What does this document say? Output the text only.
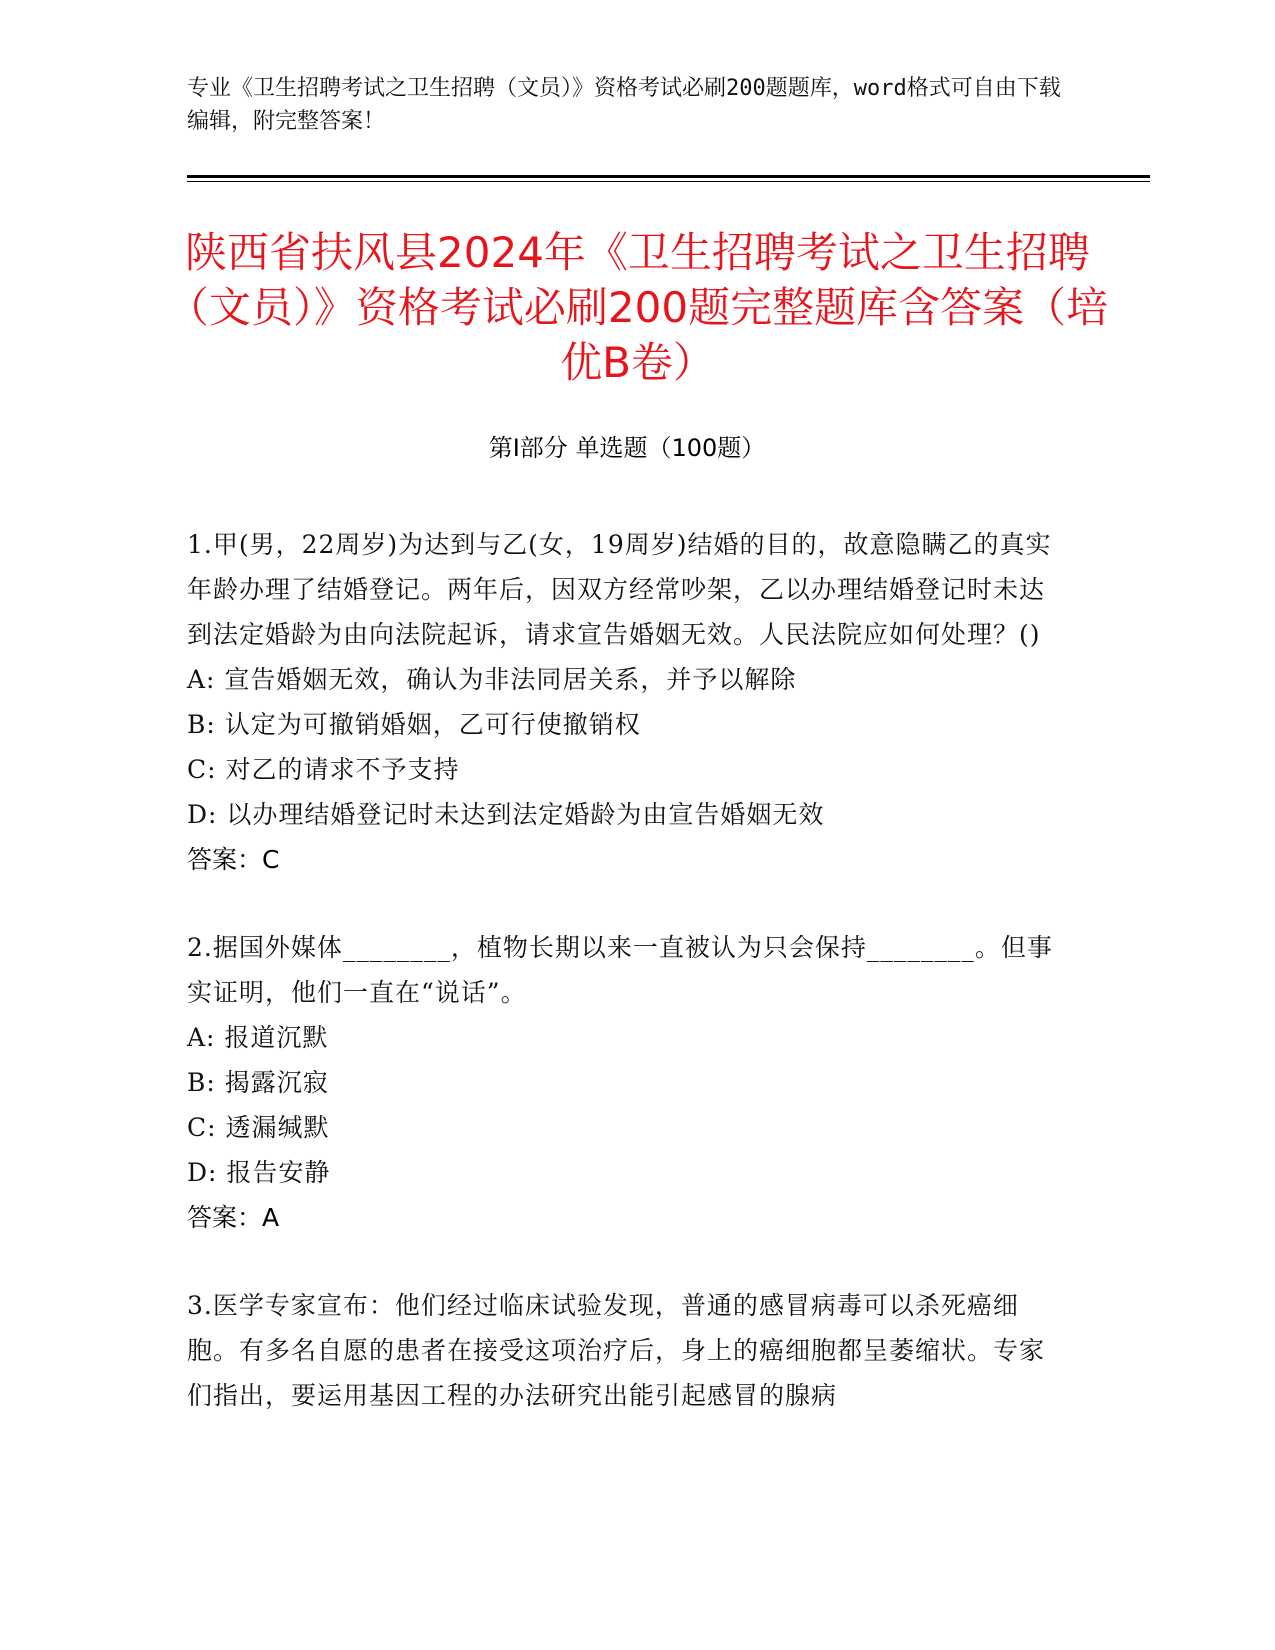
专业《卫生招聘考试之卫生招聘（文员）》资格考试必刷200题题库，word格式可自由下载编辑，附完整答案！
陕西省扶风县2024年《卫生招聘考试之卫生招聘（文员）》资格考试必刷200题完整题库含答案（培优B卷）
第Ⅰ部分 单选题（100题）
1.甲(男，22周岁)为达到与乙(女，19周岁)结婚的目的，故意隐瞒乙的真实年龄办理了结婚登记。两年后，因双方经常吵架，乙以办理结婚登记时未达到法定婚龄为由向法院起诉，请求宣告婚姻无效。人民法院应如何处理？()
A: 宣告婚姻无效，确认为非法同居关系，并予以解除
B: 认定为可撤销婚姻，乙可行使撤销权
C: 对乙的请求不予支持
D: 以办理结婚登记时未达到法定婚龄为由宣告婚姻无效
答案：C
2.据国外媒体________，植物长期以来一直被认为只会保持________。但事实证明，他们一直在“说话”。
A: 报道沉默
B: 揭露沉寂
C: 透漏缄默
D: 报告安静
答案：A
3.医学专家宣布：他们经过临床试验发现，普通的感冒病毒可以杀死癌细胞。有多名自愿的患者在接受这项治疗后，身上的癌细胞都呈萎缩状。专家们指出，要运用基因工程的办法研究出能引起感冒的腺病
